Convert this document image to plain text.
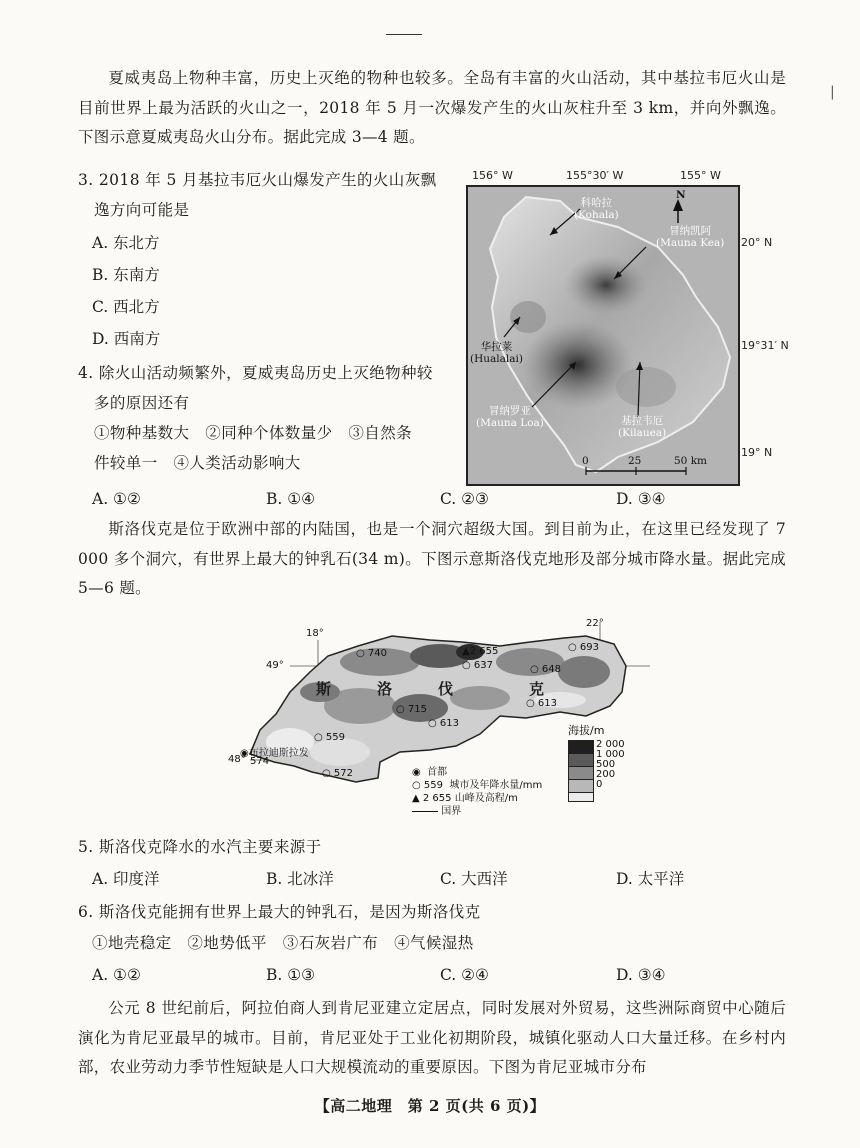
夏威夷岛上物种丰富，历史上灭绝的物种也较多。全岛有丰富的火山活动，其中基拉韦厄火山是目前世界上最为活跃的火山之一，2018 年 5 月一次爆发产生的火山灰柱升至 3 km，并向外飘逸。下图示意夏威夷岛火山分布。据此完成 3—4 题。
3. 2018 年 5 月基拉韦厄火山爆发产生的火山灰飘
逸方向可能是
A. 东北方
B. 东南方
C. 西北方
D. 西南方
4. 除火山活动频繁外，夏威夷岛历史上灭绝物种较
多的原因还有
①物种基数大　②同种个体数量少　③自然条
件较单一　④人类活动影响大
A. ①②	B. ①④	C. ②③	D. ③④
156° W	155°30′ W	155° W
20° N
19°31′ N
19° N
N
科哈拉
(Kohala)
冒纳凯阿
(Mauna Kea)
华拉莱
(Hualalai)
冒纳罗亚
(Mauna Loa)	基拉韦厄
(Kilauea)
0	25	50 km
|
斯洛伐克是位于欧洲中部的内陆国，也是一个洞穴超级大国。到目前为止，在这里已经发现了 7 000 多个洞穴，有世界上最大的钟乳石(34 m)。下图示意斯洛伐克地形及部分城市降水量。据此完成 5—6 题。
18°
22°
49°
48°
斯	洛	伐	克
○ 740	▲2 655
○ 637
○ 693
○ 648
○ 613
○ 715
○ 613
○ 559
◉布拉迪斯拉发
574
○ 572	◉ 首都
○ 559  城市及年降水量/mm
▲ 2 655 山峰及高程/m
国界
海拔/m
2 000
1 000
500
200
0
5. 斯洛伐克降水的水汽主要来源于
A. 印度洋	B. 北冰洋	C. 大西洋	D. 太平洋
6. 斯洛伐克能拥有世界上最大的钟乳石，是因为斯洛伐克
①地壳稳定　②地势低平　③石灰岩广布　④气候湿热
A. ①②	B. ①③	C. ②④	D. ③④
公元 8 世纪前后，阿拉伯商人到肯尼亚建立定居点，同时发展对外贸易，这些洲际商贸中心随后演化为肯尼亚最早的城市。目前，肯尼亚处于工业化初期阶段，城镇化驱动人口大量迁移。在乡村内部，农业劳动力季节性短缺是人口大规模流动的重要原因。下图为肯尼亚城市分布
【高二地理　第 2 页(共 6 页)】
